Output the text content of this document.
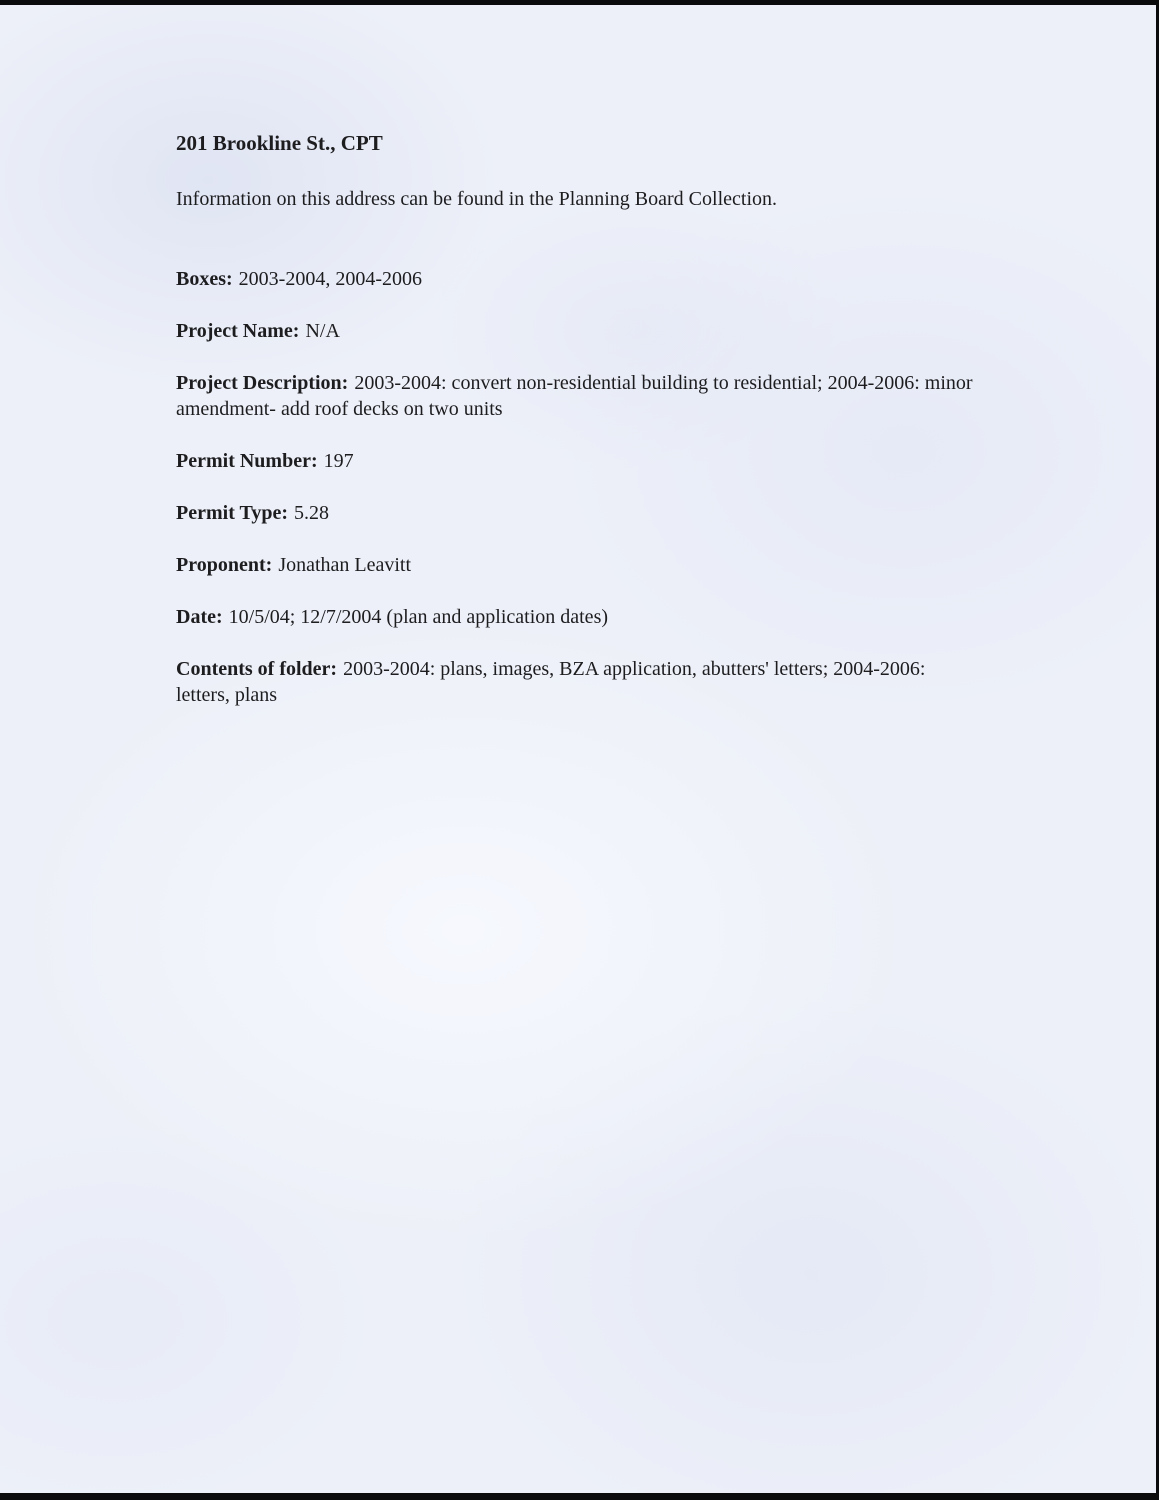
201 Brookline St., CPT

Information on this address can be found in the Planning Board Collection.

Boxes: 2003-2004, 2004-2006

Project Name: N/A

Project Description: 2003-2004: convert non-residential building to residential; 2004-2006: minor amendment- add roof decks on two units

Permit Number: 197

Permit Type: 5.28

Proponent: Jonathan Leavitt

Date: 10/5/04; 12/7/2004 (plan and application dates)

Contents of folder: 2003-2004: plans, images, BZA application, abutters' letters; 2004-2006: letters, plans
